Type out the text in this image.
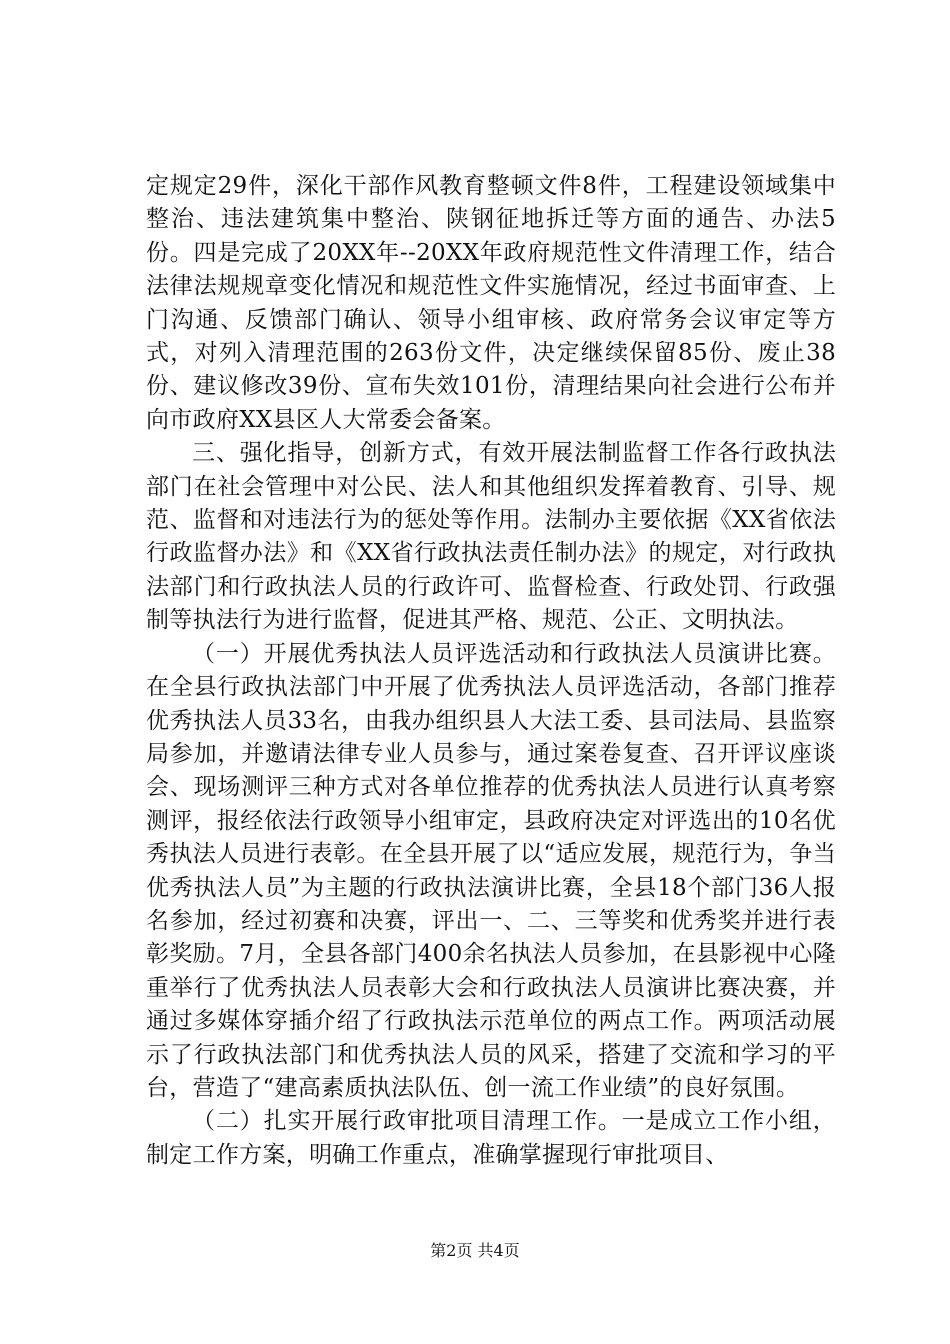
定规定29件，深化干部作风教育整顿文件8件，工程建设领域集中整治、违法建筑集中整治、陕钢征地拆迁等方面的通告、办法5份。四是完成了20XX年--20XX年政府规范性文件清理工作，结合法律法规规章变化情况和规范性文件实施情况，经过书面审查、上门沟通、反馈部门确认、领导小组审核、政府常务会议审定等方式，对列入清理范围的263份文件，决定继续保留85份、废止38份、建议修改39份、宣布失效101份，清理结果向社会进行公布并向市政府XX县区人大常委会备案。

三、强化指导，创新方式，有效开展法制监督工作各行政执法部门在社会管理中对公民、法人和其他组织发挥着教育、引导、规范、监督和对违法行为的惩处等作用。法制办主要依据《XX省依法行政监督办法》和《XX省行政执法责任制办法》的规定，对行政执法部门和行政执法人员的行政许可、监督检查、行政处罚、行政强制等执法行为进行监督，促进其严格、规范、公正、文明执法。

（一）开展优秀执法人员评选活动和行政执法人员演讲比赛。在全县行政执法部门中开展了优秀执法人员评选活动，各部门推荐优秀执法人员33名，由我办组织县人大法工委、县司法局、县监察局参加，并邀请法律专业人员参与，通过案卷复查、召开评议座谈会、现场测评三种方式对各单位推荐的优秀执法人员进行认真考察测评，报经依法行政领导小组审定，县政府决定对评选出的10名优秀执法人员进行表彰。在全县开展了以“适应发展，规范行为，争当优秀执法人员”为主题的行政执法演讲比赛，全县18个部门36人报名参加，经过初赛和决赛，评出一、二、三等奖和优秀奖并进行表彰奖励。7月，全县各部门400余名执法人员参加，在县影视中心隆重举行了优秀执法人员表彰大会和行政执法人员演讲比赛决赛，并通过多媒体穿插介绍了行政执法示范单位的两点工作。两项活动展示了行政执法部门和优秀执法人员的风采，搭建了交流和学习的平台，营造了“建高素质执法队伍、创一流工作业绩”的良好氛围。

（二）扎实开展行政审批项目清理工作。一是成立工作小组，制定工作方案，明确工作重点，准确掌握现行审批项目、

第2页 共4页
